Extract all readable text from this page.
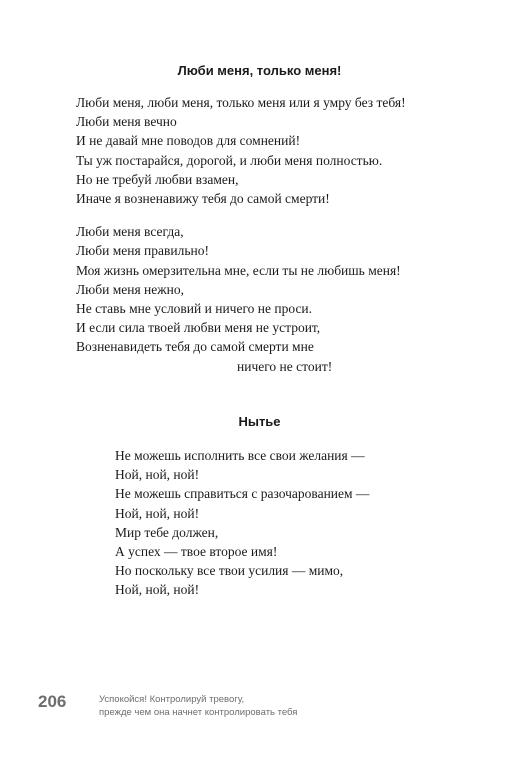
Люби меня, только меня!
Люби меня, люби меня, только меня или я умру без тебя!
Люби меня вечно
И не давай мне поводов для сомнений!
Ты уж постарайся, дорогой, и люби меня полностью.
Но не требуй любви взамен,
Иначе я возненавижу тебя до самой смерти!
Люби меня всегда,
Люби меня правильно!
Моя жизнь омерзительна мне, если ты не любишь меня!
Люби меня нежно,
Не ставь мне условий и ничего не проси.
И если сила твоей любви меня не устроит,
Возненавидеть тебя до самой смерти мне
ничего не стоит!
Нытье
Не можешь исполнить все свои желания —
Ной, ной, ной!
Не можешь справиться с разочарованием —
Ной, ной, ной!
Мир тебе должен,
А успех — твое второе имя!
Но поскольку все твои усилия — мимо,
Ной, ной, ной!
206	Успокойся! Контролируй тревогу,
прежде чем она начнет контролировать тебя
